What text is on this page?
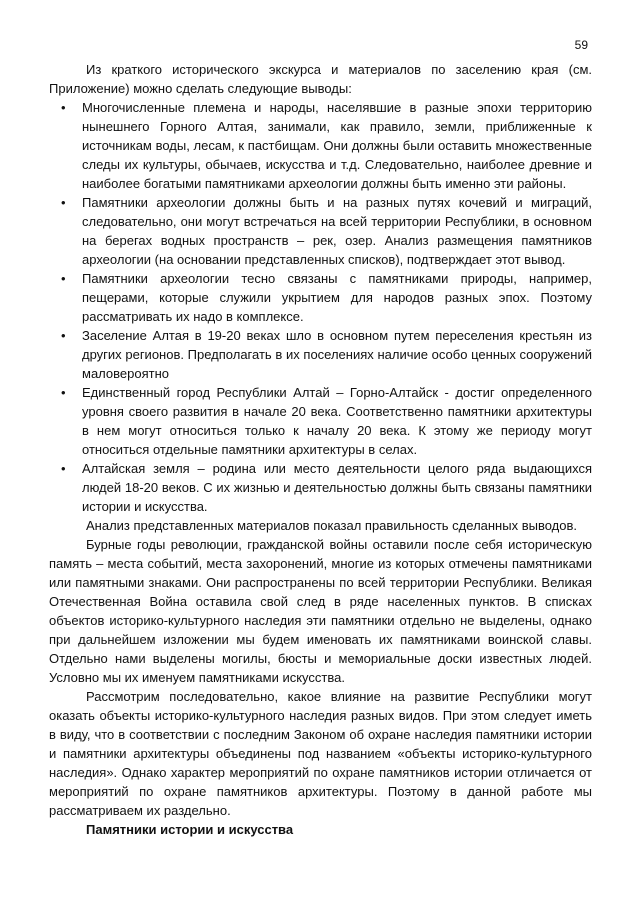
59

Из краткого исторического экскурса и материалов по заселению края (см. Приложение) можно сделать следующие выводы:

• Многочисленные племена и народы, населявшие в разные эпохи территорию нынешнего Горного Алтая, занимали, как правило, земли, приближенные к источникам воды, лесам, к пастбищам. Они должны были оставить множественные следы их культуры, обычаев, искусства и т.д. Следовательно, наиболее древние и наиболее богатыми памятниками археологии должны быть именно эти районы.
• Памятники археологии должны быть и на разных путях кочевий и миграций, следовательно, они могут встречаться на всей территории Республики, в основном на берегах водных пространств – рек, озер. Анализ размещения памятников археологии (на основании представленных списков), подтверждает этот вывод.
• Памятники археологии тесно связаны с памятниками природы, например, пещерами, которые служили укрытием для народов разных эпох. Поэтому рассматривать их надо в комплексе.
• Заселение Алтая в 19-20 веках шло в основном путем переселения крестьян из других регионов. Предполагать в их поселениях наличие особо ценных сооружений маловероятно
• Единственный город Республики Алтай – Горно-Алтайск - достиг определенного уровня своего развития в начале 20 века. Соответственно памятники архитектуры в нем могут относиться только к началу 20 века. К этому же периоду могут относиться отдельные памятники архитектуры в селах.
• Алтайская земля – родина или место деятельности целого ряда выдающихся людей 18-20 веков. С их жизнью и деятельностью должны быть связаны памятники истории и искусства.

Анализ представленных материалов показал правильность сделанных выводов.

Бурные годы революции, гражданской войны оставили после себя историческую память – места событий, места захоронений, многие из которых отмечены памятниками или памятными знаками. Они распространены по всей территории Республики. Великая Отечественная Война оставила свой след в ряде населенных пунктов. В списках объектов историко-культурного наследия эти памятники отдельно не выделены, однако при дальнейшем изложении мы будем именовать их памятниками воинской славы. Отдельно нами выделены могилы, бюсты и мемориальные доски известных людей. Условно мы их именуем памятниками искусства.

Рассмотрим последовательно, какое влияние на развитие Республики могут оказать объекты историко-культурного наследия разных видов. При этом следует иметь в виду, что в соответствии с последним Законом об охране наследия памятники истории и памятники архитектуры объединены под названием «объекты историко-культурного наследия». Однако характер мероприятий по охране памятников истории отличается от мероприятий по охране памятников архитектуры. Поэтому в данной работе мы рассматриваем их раздельно.

Памятники истории и искусства
